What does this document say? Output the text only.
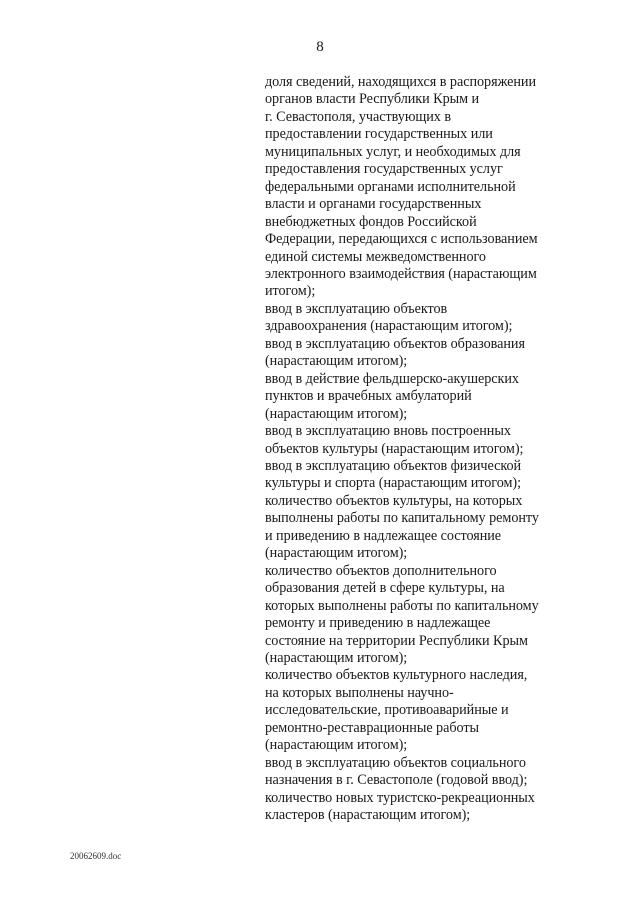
8
доля сведений, находящихся в распоряжении
органов власти Республики Крым и
г. Севастополя, участвующих в
предоставлении государственных или
муниципальных услуг, и необходимых для
предоставления государственных услуг
федеральными органами исполнительной
власти и органами государственных
внебюджетных фондов Российской
Федерации, передающихся с использованием
единой системы межведомственного
электронного взаимодействия (нарастающим
итогом);
ввод в эксплуатацию объектов
здравоохранения (нарастающим итогом);
ввод в эксплуатацию объектов образования
(нарастающим итогом);
ввод в действие фельдшерско-акушерских
пунктов и врачебных амбулаторий
(нарастающим итогом);
ввод в эксплуатацию вновь построенных
объектов культуры (нарастающим итогом);
ввод в эксплуатацию объектов физической
культуры и спорта (нарастающим итогом);
количество объектов культуры, на которых
выполнены работы по капитальному ремонту
и приведению в надлежащее состояние
(нарастающим итогом);
количество объектов дополнительного
образования детей в сфере культуры, на
которых выполнены работы по капитальному
ремонту и приведению в надлежащее
состояние на территории Республики Крым
(нарастающим итогом);
количество объектов культурного наследия,
на которых выполнены научно-
исследовательские, противоаварийные и
ремонтно-реставрационные работы
(нарастающим итогом);
ввод в эксплуатацию объектов социального
назначения в г. Севастополе (годовой ввод);
количество новых туристско-рекреационных
кластеров (нарастающим итогом);
20062609.doc
